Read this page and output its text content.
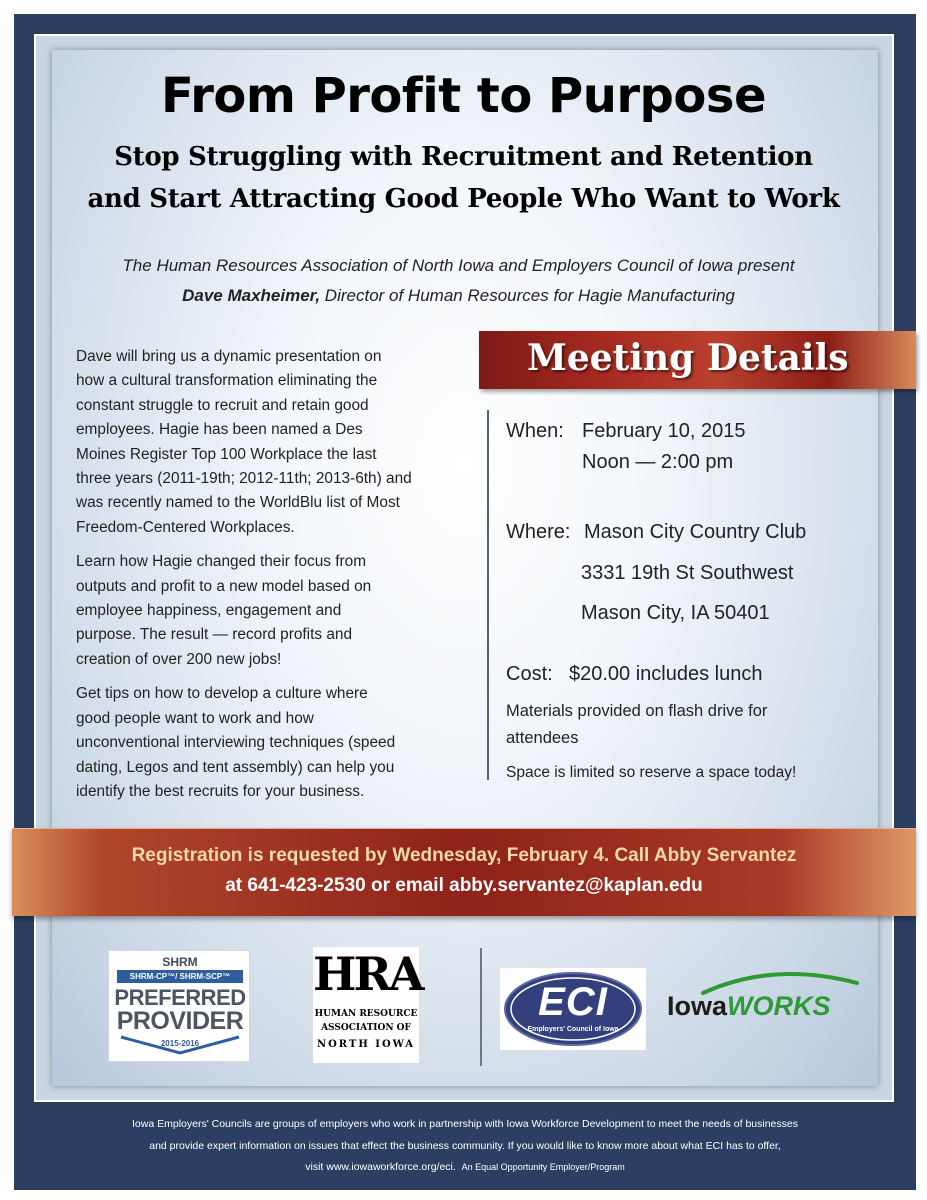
From Profit to Purpose
Stop Struggling with Recruitment and Retention
and Start Attracting Good People Who Want to Work
The Human Resources Association of North Iowa and Employers Council of Iowa present
Dave Maxheimer, Director of Human Resources for Hagie Manufacturing

Dave will bring us a dynamic presentation on
how a cultural transformation eliminating the
constant struggle to recruit and retain good
employees. Hagie has been named a Des
Moines Register Top 100 Workplace the last
three years (2011-19th; 2012-11th; 2013-6th) and
was recently named to the WorldBlu list of Most
Freedom-Centered Workplaces.

Learn how Hagie changed their focus from
outputs and profit to a new model based on
employee happiness, engagement and
purpose. The result — record profits and
creation of over 200 new jobs!

Get tips on how to develop a culture where
good people want to work and how
unconventional interviewing techniques (speed
dating, Legos and tent assembly) can help you
identify the best recruits for your business.

Meeting Details
When: February 10, 2015
Noon — 2:00 pm
Where: Mason City Country Club
3331 19th St Southwest
Mason City, IA 50401
Cost: $20.00 includes lunch
Materials provided on flash drive for
attendees
Space is limited so reserve a space today!
Registration is requested by Wednesday, February 4. Call Abby Servantez
at 641-423-2530 or email abby.servantez@kaplan.edu
SHRM
SHRM-CP™/ SHRM-SCP™
PREFERRED
PROVIDER
2015-2016
HRA
HUMAN RESOURCE
ASSOCIATION OF
NORTH IOWA
ECI
Employers' Council of Iowa
IowaWORKS
Iowa Employers' Councils are groups of employers who work in partnership with Iowa Workforce Development to meet the needs of businesses
and provide expert information on issues that effect the business community. If you would like to know more about what ECI has to offer,
visit www.iowaworkforce.org/eci. An Equal Opportunity Employer/Program
